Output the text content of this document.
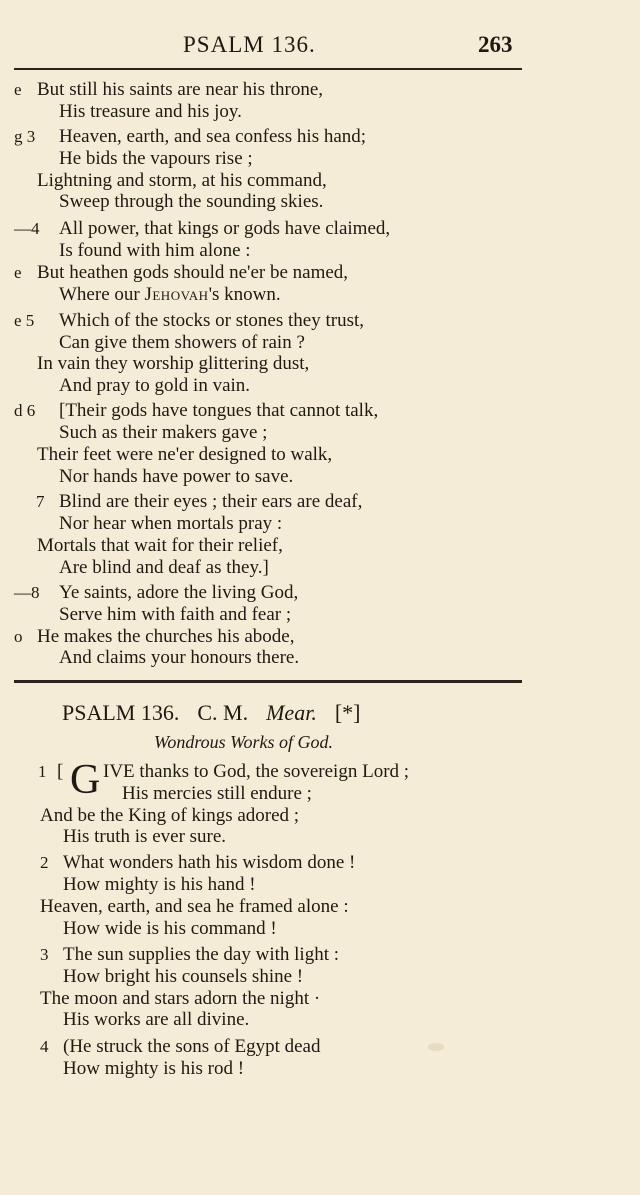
PSALM 136.	263
e But still his saints are near his throne,
His treasure and his joy.
g 3 Heaven, earth, and sea confess his hand;
He bids the vapours rise ;
Lightning and storm, at his command,
Sweep through the sounding skies.
—4 All power, that kings or gods have claimed,
Is found with him alone :
e But heathen gods should ne'er be named,
Where our Jehovah's known.
e 5 Which of the stocks or stones they trust,
Can give them showers of rain ?
In vain they worship glittering dust,
And pray to gold in vain.
d 6 [Their gods have tongues that cannot talk,
Such as their makers gave ;
Their feet were ne'er designed to walk,
Nor hands have power to save.
7 Blind are their eyes ; their ears are deaf,
Nor hear when mortals pray :
Mortals that wait for their relief,
Are blind and deaf as they.]
—8 Ye saints, adore the living God,
Serve him with faith and fear ;
o He makes the churches his abode,
And claims your honours there.
PSALM 136. C. M. Mear. [*]
Wondrous Works of God.
1 [ G IVE thanks to God, the sovereign Lord ;
His mercies still endure ;
And be the King of kings adored ;
His truth is ever sure.
2 What wonders hath his wisdom done !
How mighty is his hand !
Heaven, earth, and sea he framed alone :
How wide is his command !
3 The sun supplies the day with light :
How bright his counsels shine !
The moon and stars adorn the night ·
His works are all divine.
4 (He struck the sons of Egypt dead
How mighty is his rod !
